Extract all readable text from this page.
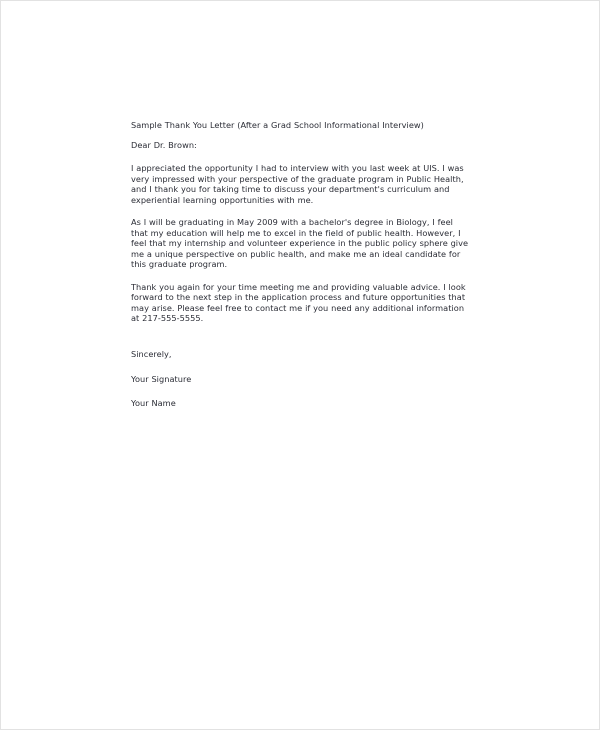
Sample Thank You Letter (After a Grad School Informational Interview)

Dear Dr. Brown:

I appreciated the opportunity I had to interview with you last week at UIS. I was very impressed with your perspective of the graduate program in Public Health, and I thank you for taking time to discuss your department's curriculum and experiential learning opportunities with me.

As I will be graduating in May 2009 with a bachelor's degree in Biology, I feel that my education will help me to excel in the field of public health. However, I feel that my internship and volunteer experience in the public policy sphere give me a unique perspective on public health, and make me an ideal candidate for this graduate program.

Thank you again for your time meeting me and providing valuable advice. I look forward to the next step in the application process and future opportunities that may arise. Please feel free to contact me if you need any additional information at 217-555-5555.

Sincerely,

Your Signature

Your Name
